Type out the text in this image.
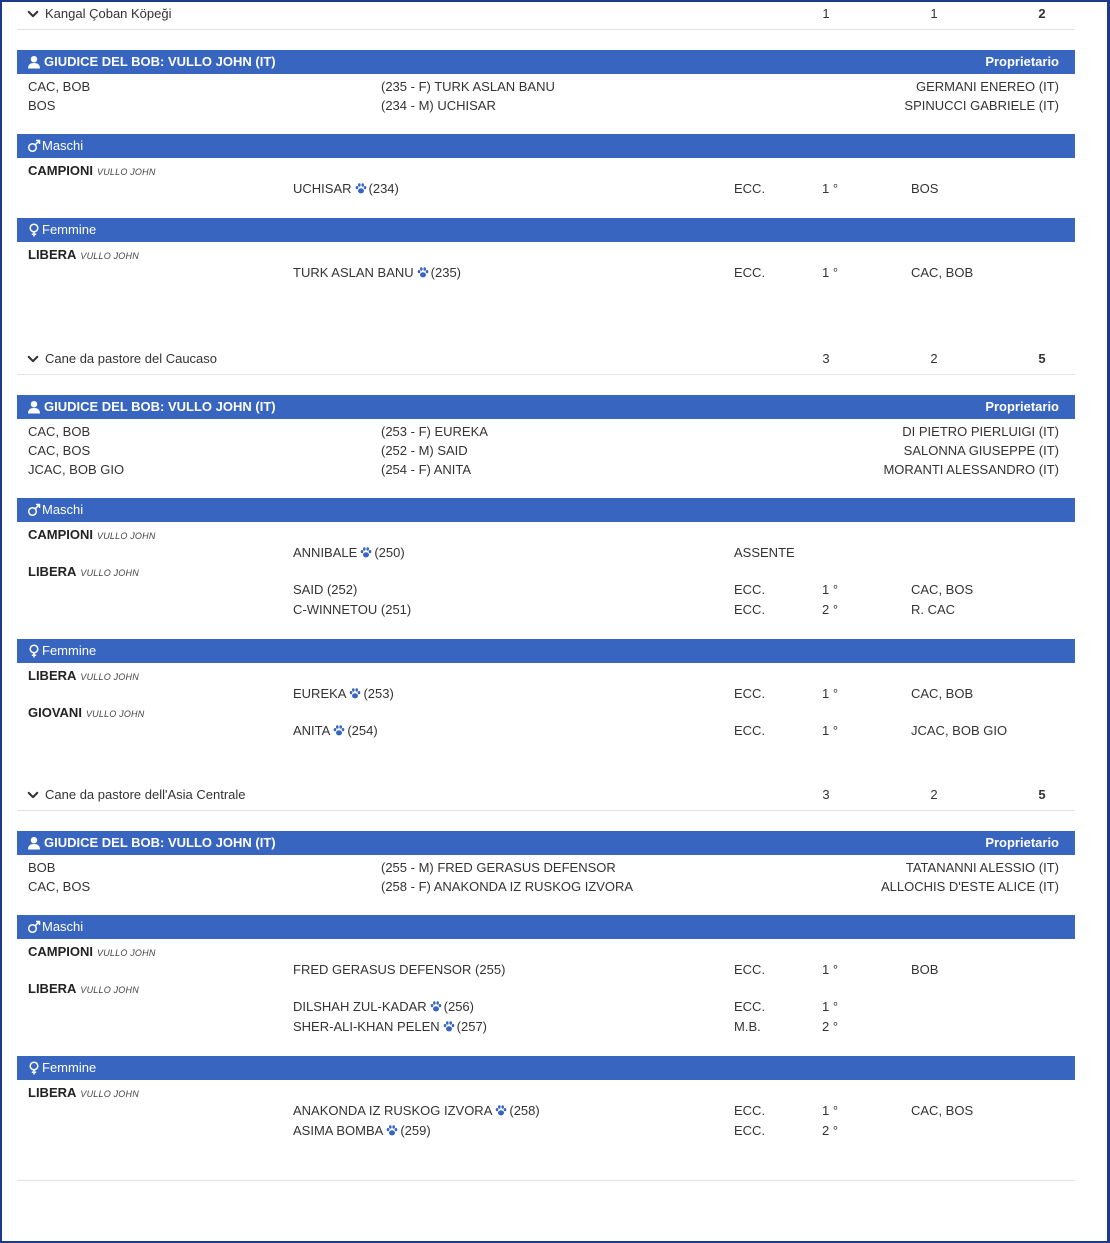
Kangal Çoban Köpeği	1	1	2
GIUDICE DEL BOB: VULLO JOHN (IT)	Proprietario
CAC, BOB	(235 - F) TURK ASLAN BANU	GERMANI ENEREO (IT)
BOS	(234 - M) UCHISAR	SPINUCCI GABRIELE (IT)
Maschi
CAMPIONI VULLO JOHN
UCHISAR (234)	ECC.	1 °	BOS
Femmine
LIBERA VULLO JOHN
TURK ASLAN BANU (235)	ECC.	1 °	CAC, BOB
Cane da pastore del Caucaso	3	2	5
GIUDICE DEL BOB: VULLO JOHN (IT)	Proprietario
CAC, BOB	(253 - F) EUREKA	DI PIETRO PIERLUIGI (IT)
CAC, BOS	(252 - M) SAID	SALONNA GIUSEPPE (IT)
JCAC, BOB GIO	(254 - F) ANITA	MORANTI ALESSANDRO (IT)
Maschi
CAMPIONI VULLO JOHN
ANNIBALE (250)	ASSENTE
LIBERA VULLO JOHN
SAID (252)	ECC.	1 °	CAC, BOS
C-WINNETOU (251)	ECC.	2 °	R. CAC
Femmine
LIBERA VULLO JOHN
EUREKA (253)	ECC.	1 °	CAC, BOB
GIOVANI VULLO JOHN
ANITA (254)	ECC.	1 °	JCAC, BOB GIO
Cane da pastore dell'Asia Centrale	3	2	5
GIUDICE DEL BOB: VULLO JOHN (IT)	Proprietario
BOB	(255 - M) FRED GERASUS DEFENSOR	TATANANNI ALESSIO (IT)
CAC, BOS	(258 - F) ANAKONDA IZ RUSKOG IZVORA	ALLOCHIS D'ESTE ALICE (IT)
Maschi
CAMPIONI VULLO JOHN
FRED GERASUS DEFENSOR (255)	ECC.	1 °	BOB
LIBERA VULLO JOHN
DILSHAH ZUL-KADAR (256)	ECC.	1 °
SHER-ALI-KHAN PELEN (257)	M.B.	2 °
Femmine
LIBERA VULLO JOHN
ANAKONDA IZ RUSKOG IZVORA (258)	ECC.	1 °	CAC, BOS
ASIMA BOMBA (259)	ECC.	2 °
